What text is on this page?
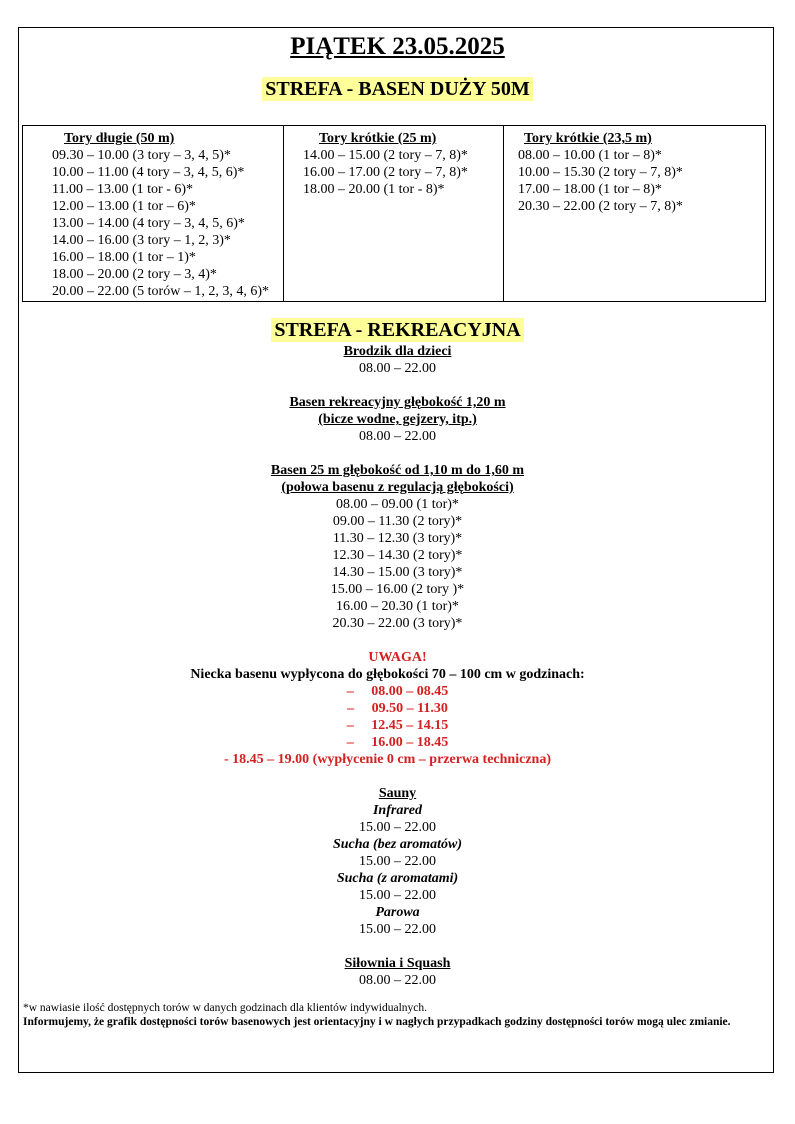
PIĄTEK 23.05.2025
STREFA - BASEN DUŻY 50M
Tory długie (50 m)
09.30 – 10.00 (3 tory – 3, 4, 5)*
10.00 – 11.00 (4 tory – 3, 4, 5, 6)*
11.00 – 13.00 (1 tor - 6)*
12.00 – 13.00 (1 tor – 6)*
13.00 – 14.00 (4 tory – 3, 4, 5, 6)*
14.00 – 16.00 (3 tory – 1, 2, 3)*
16.00 – 18.00 (1 tor – 1)*
18.00 – 20.00 (2 tory – 3, 4)*
20.00 – 22.00 (5 torów – 1, 2, 3, 4, 6)*
Tory krótkie (25 m)
14.00 – 15.00 (2 tory – 7, 8)*
16.00 – 17.00 (2 tory – 7, 8)*
18.00 – 20.00 (1 tor - 8)*
Tory krótkie (23,5 m)
08.00 – 10.00 (1 tor – 8)*
10.00 – 15.30 (2 tory – 7, 8)*
17.00 – 18.00 (1 tor – 8)*
20.30 – 22.00 (2 tory – 7, 8)*
STREFA - REKREACYJNA
Brodzik dla dzieci
08.00 – 22.00
Basen rekreacyjny głębokość 1,20 m
(bicze wodne, gejzery, itp.)
08.00 – 22.00
Basen 25 m głębokość od 1,10 m do 1,60 m
(połowa basenu z regulacją głębokości)
08.00 – 09.00 (1 tor)*
09.00 – 11.30 (2 tory)*
11.30 – 12.30 (3 tory)*
12.30 – 14.30 (2 tory)*
14.30 – 15.00 (3 tory)*
15.00 – 16.00 (2 tory )*
16.00 – 20.30 (1 tor)*
20.30 – 22.00 (3 tory)*
UWAGA!
Niecka basenu wypłycona do głębokości 70 – 100 cm w godzinach:
– 08.00 – 08.45
– 09.50 – 11.30
– 12.45 – 14.15
– 16.00 – 18.45
- 18.45 – 19.00 (wypłycenie 0 cm – przerwa techniczna)
Sauny
Infrared
15.00 – 22.00
Sucha (bez aromatów)
15.00 – 22.00
Sucha (z aromatami)
15.00 – 22.00
Parowa
15.00 – 22.00
Siłownia i Squash
08.00 – 22.00
*w nawiasie ilość dostępnych torów w danych godzinach dla klientów indywidualnych.
Informujemy, że grafik dostępności torów basenowych jest orientacyjny i w nagłych przypadkach godziny dostępności torów mogą ulec zmianie.
